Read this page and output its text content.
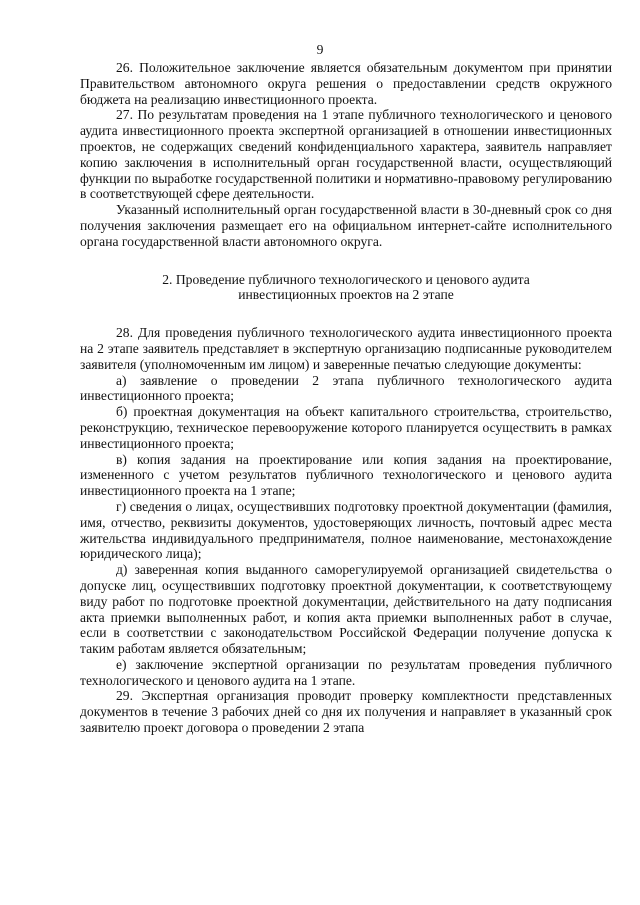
9

26. Положительное заключение является обязательным документом при принятии Правительством автономного округа решения о предоставлении средств окружного бюджета на реализацию инвестиционного проекта.

27. По результатам проведения на 1 этапе публичного технологического и ценового аудита инвестиционного проекта экспертной организацией в отношении инвестиционных проектов, не содержащих сведений конфиденциального характера, заявитель направляет копию заключения в исполнительный орган государственной власти, осуществляющий функции по выработке государственной политики и нормативно-правовому регулированию в соответствующей сфере деятельности.

Указанный исполнительный орган государственной власти в 30-дневный срок со дня получения заключения размещает его на официальном интернет-сайте исполнительного органа государственной власти автономного округа.

2. Проведение публичного технологического и ценового аудита

инвестиционных проектов на 2 этапе

28. Для проведения публичного технологического аудита инвестиционного проекта на 2 этапе заявитель представляет в экспертную организацию подписанные руководителем заявителя (уполномоченным им лицом) и заверенные печатью следующие документы:

а) заявление о проведении 2 этапа публичного технологического аудита инвестиционного проекта;

б) проектная документация на объект капитального строительства, строительство, реконструкцию, техническое перевооружение которого планируется осуществить в рамках инвестиционного проекта;

в) копия задания на проектирование или копия задания на проектирование, измененного с учетом результатов публичного технологического и ценового аудита инвестиционного проекта на 1 этапе;

г) сведения о лицах, осуществивших подготовку проектной документации (фамилия, имя, отчество, реквизиты документов, удостоверяющих личность, почтовый адрес места жительства индивидуального предпринимателя, полное наименование, местонахождение юридического лица);

д) заверенная копия выданного саморегулируемой организацией свидетельства о допуске лиц, осуществивших подготовку проектной документации, к соответствующему виду работ по подготовке проектной документации, действительного на дату подписания акта приемки выполненных работ, и копия акта приемки выполненных работ в случае, если в соответствии с законодательством Российской Федерации получение допуска к таким работам является обязательным;

е) заключение экспертной организации по результатам проведения публичного технологического и ценового аудита на 1 этапе.

29. Экспертная организация проводит проверку комплектности представленных документов в течение 3 рабочих дней со дня их получения и направляет в указанный срок заявителю проект договора о проведении 2 этапа
